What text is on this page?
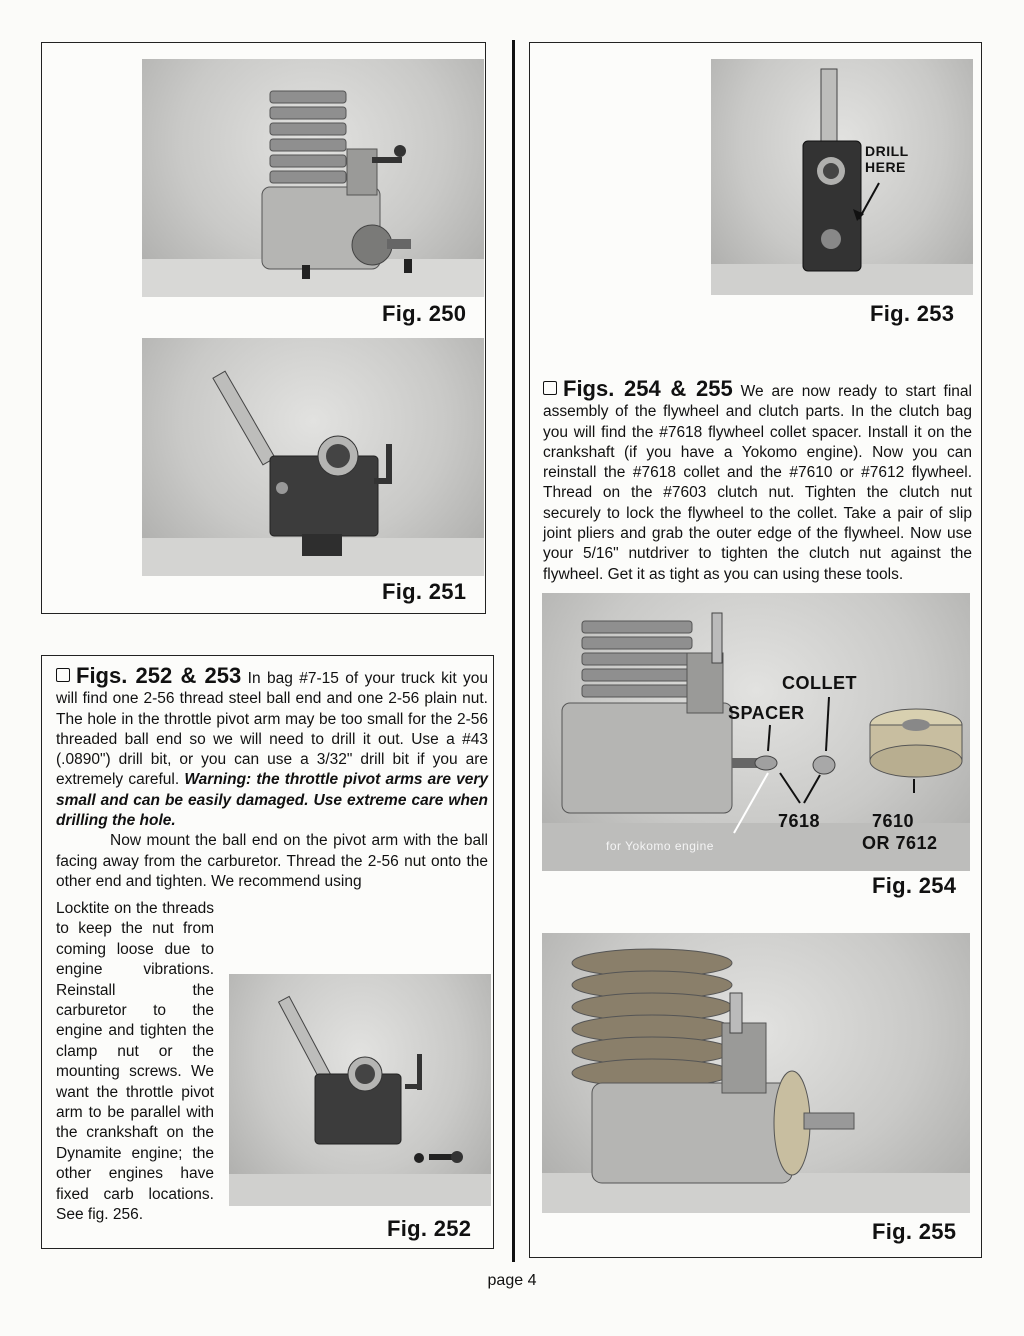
Fig. 250
Fig. 251
Figs. 252 & 253 In bag #7-15 of your truck kit you will find one 2-56 thread steel ball end and one 2-56 plain nut. The hole in the throttle pivot arm may be too small for the 2-56 threaded ball end so we will need to drill it out. Use a #43 (.0890") drill bit, or you can use a 3/32" drill bit if you are extremely careful. Warning: the throttle pivot arms are very small and can be easily damaged. Use extreme care when drilling the hole.
Now mount the ball end on the pivot arm with the ball facing away from the carburetor. Thread the 2-56 nut onto the other end and tighten. We recommend using
Locktite on the threads to keep the nut from coming loose due to engine vibrations. Reinstall the carburetor to the engine and tighten the clamp nut or the mounting screws. We want the throttle pivot arm to be parallel with the crankshaft on the Dynamite engine; the other engines have fixed carb locations. See fig. 256.
Fig. 252
DRILL
HERE
Fig. 253
Figs. 254 & 255 We are now ready to start final assembly of the flywheel and clutch parts. In the clutch bag you will find the #7618 flywheel collet spacer. Install it on the crankshaft (if you have a Yokomo engine). Now you can reinstall the #7618 collet and the #7610 or #7612 flywheel. Thread on the #7603 clutch nut. Tighten the clutch nut securely to lock the flywheel to the collet. Take a pair of slip joint pliers and grab the outer edge of the flywheel. Now use your 5/16" nutdriver to tighten the clutch nut against the flywheel. Get it as tight as you can using these tools.
COLLET
SPACER
7618	7610
OR 7612
for Yokomo engine
Fig. 254
Fig. 255
page 4
